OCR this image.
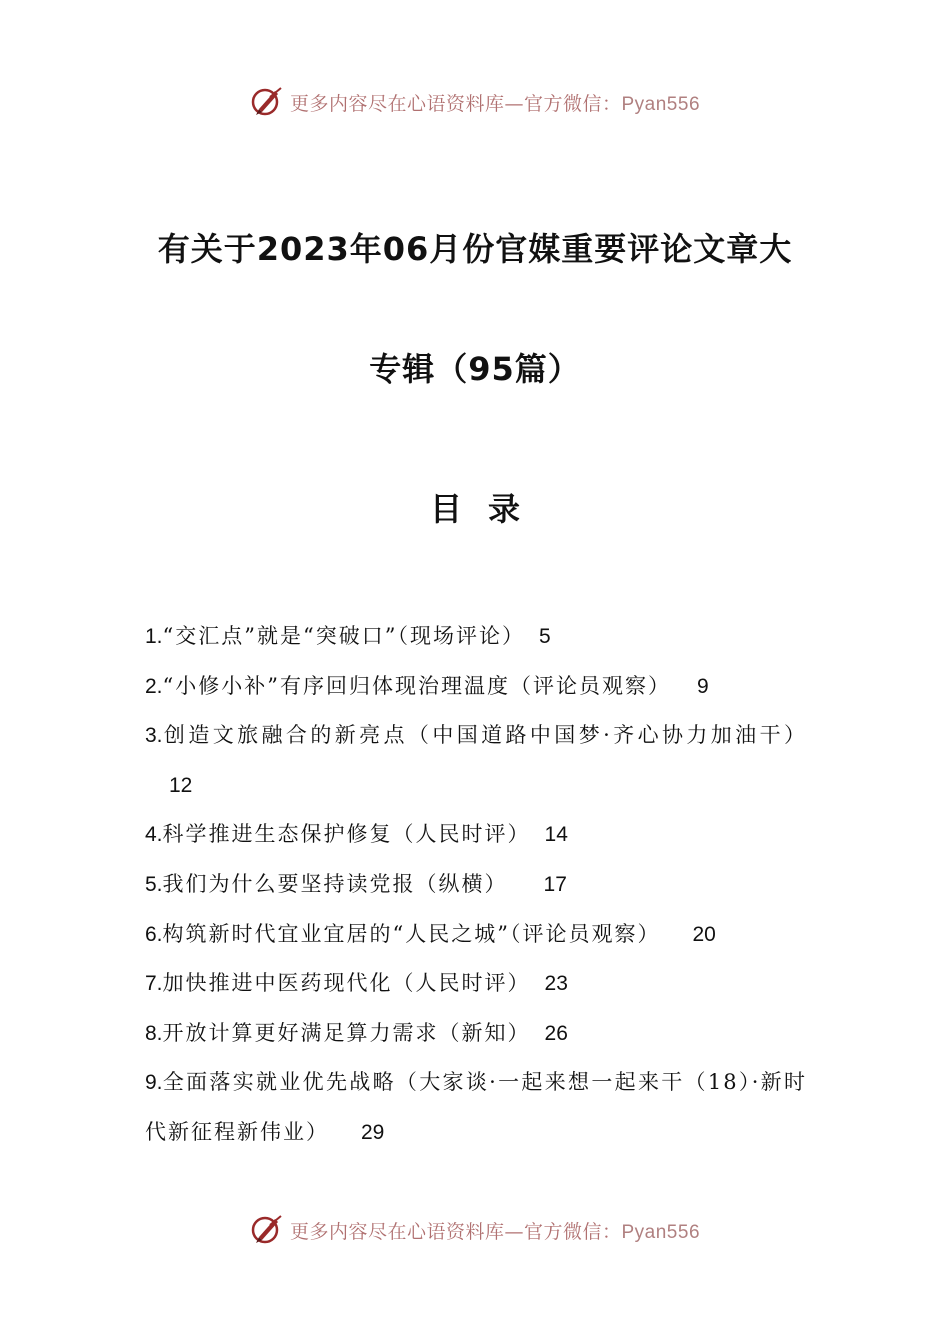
更多内容尽在心语资料库—官方微信：Pyan556
有关于2023年06月份官媒重要评论文章大
专辑（95篇）
目录
1.“交汇点”就是“突破口”（现场评论） 5
2.“小修小补”有序回归体现治理温度（评论员观察） 9
3.创造文旅融合的新亮点（中国道路中国梦·齐心协力加油干）12
4.科学推进生态保护修复（人民时评） 14
5.我们为什么要坚持读党报（纵横） 17
6.构筑新时代宜业宜居的“人民之城”（评论员观察） 20
7.加快推进中医药现代化（人民时评） 23
8.开放计算更好满足算力需求（新知） 26
9.全面落实就业优先战略（大家谈·一起来想一起来干（18）·新时代新征程新伟业） 29
更多内容尽在心语资料库—官方微信：Pyan556
